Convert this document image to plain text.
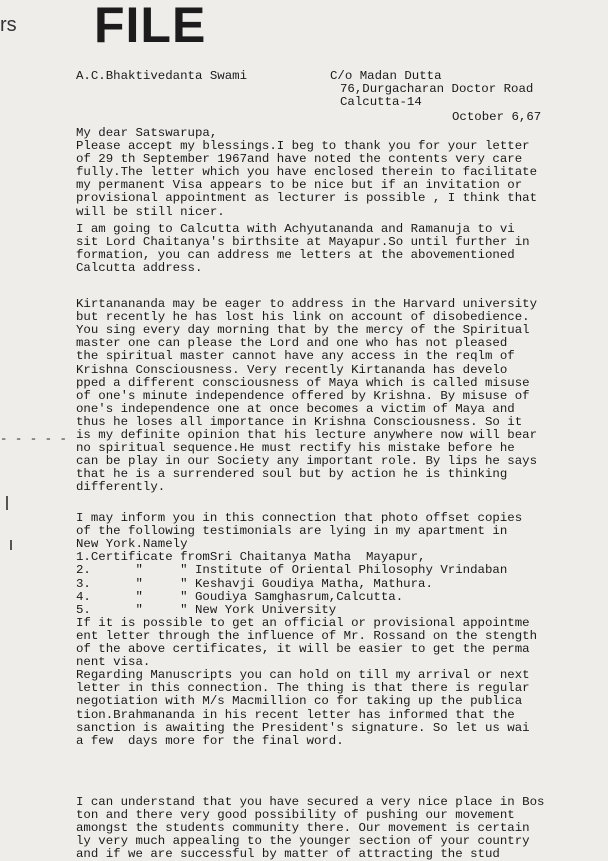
rs FILE
A.C.Bhaktivedanta Swami	C/o Madan Dutta
76,Durgacharan Doctor Road
Calcutta-14
October 6,67
My dear Satswarupa,
Please accept my blessings.I beg to thank you for your letter
of 29 th September 1967and have noted the contents very care
fully.The letter which you have enclosed therein to facilitate
my permanent Visa appears to be nice but if an invitation or
provisional appointment as lecturer is possible , I think that
will be still nicer.
I am going to Calcutta with Achyutananda and Ramanuja to vi
sit Lord Chaitanya's birthsite at Mayapur.So until further in
formation, you can address me letters at the abovementioned
Calcutta address.
Kirtanananda may be eager to address in the Harvard university
but recently he has lost his link on account of disobedience.
You sing every day morning that by the mercy of the Spiritual
master one can please the Lord and one who has not pleased
the spiritual master cannot have any access in the reqlm of
Krishna Consciousness. Very recently Kirtananda has develo
pped a different consciousness of Maya which is called misuse
of one's minute independence offered by Krishna. By misuse of
one's independence one at once becomes a victim of Maya and
thus he loses all importance in Krishna Consciousness. So it
is my definite opinion that his lecture anywhere now will bear
no spiritual sequence.He must rectify his mistake before he
can be play in our Society any important role. By lips he says
that he is a surrendered soul but by action he is thinking
differently.
I may inform you in this connection that photo offset copies
of the following testimonials are lying in my apartment in
New York.Namely
1.Certificate fromSri Chaitanya Matha  Mayapur,
2.      "     " Institute of Oriental Philosophy Vrindaban
3.      "     " Keshavji Goudiya Matha, Mathura.
4.      "     " Goudiya Samghasrum,Calcutta.
5.      "     " New York University
If it is possible to get an official or provisional appointme
ent letter through the influence of Mr. Rossand on the stength
of the above certificates, it will be easier to get the perma
nent visa.
Regarding Manuscripts you can hold on till my arrival or next
letter in this connection. The thing is that there is regular
negotiation with M/s Macmillion co for taking up the publica
tion.Brahmananda in his recent letter has informed that the
sanction is awaiting the President's signature. So let us wai
a few  days more for the final word.
I can understand that you have secured a very nice place in Bos
ton and there very good possibility of pushing our movement
amongst the students community there. Our movement is certain
ly very much appealing to the younger section of your country
and if we are successful by matter of attracting the stud
- - - - -
